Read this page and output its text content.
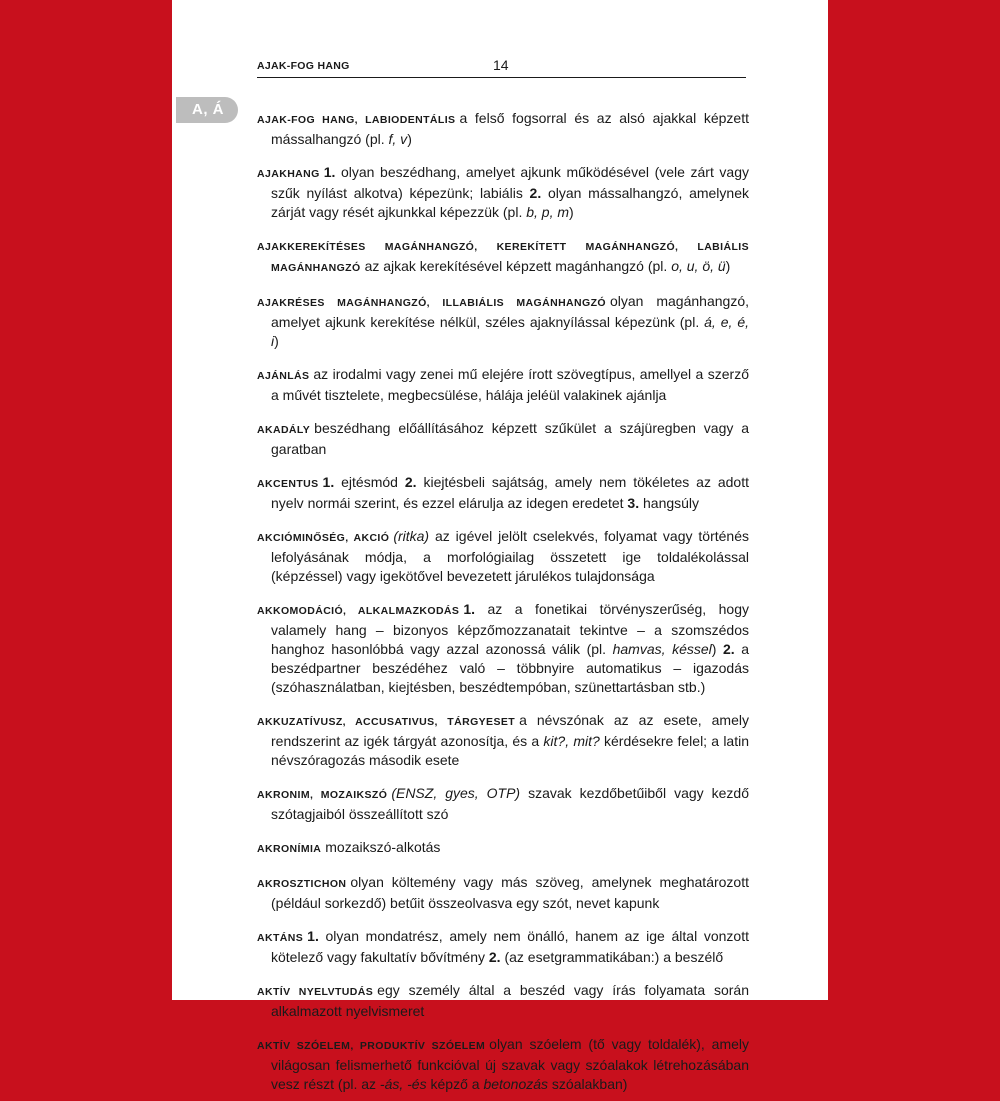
AJAK-FOG HANG	14

AJAK-FOG HANG, LABIODENTÁLIS a felső fogsorral és az alsó ajakkal képzett mássalhangzó (pl. f, v)

AJAKHANG 1. olyan beszédhang, amelyet ajkunk működésével (vele zárt vagy szűk nyílást alkotva) képezünk; labiális 2. olyan mássalhangzó, amelynek zárját vagy rését ajkunkkal képezzük (pl. b, p, m)

AJAKKEREKÍTÉSES MAGÁNHANGZÓ, KEREKÍTETT MAGÁNHANGZÓ, LABIÁLIS MAGÁNHANGZÓ az ajkak kerekítésével képzett magánhangzó (pl. o, u, ö, ü)

AJAKRÉSES MAGÁNHANGZÓ, ILLABIÁLIS MAGÁNHANGZÓ olyan magánhangzó, amelyet ajkunk kerekítése nélkül, széles ajaknyílással képezünk (pl. á, e, é, i)

AJÁNLÁS az irodalmi vagy zenei mű elejére írott szövegtípus, amellyel a szerző a művét tisztelete, megbecsülése, hálája jeléül valakinek ajánlja

AKADÁLY beszédhang előállításához képzett szűkület a szájüregben vagy a garatban

AKCENTUS 1. ejtésmód 2. kiejtésbeli sajátság, amely nem tökéletes az adott nyelv normái szerint, és ezzel elárulja az idegen eredetet 3. hangsúly

AKCIÓMINŐSÉG, AKCIÓ (ritka) az igével jelölt cselekvés, folyamat vagy történés lefolyásának módja, a morfológiailag összetett ige toldalékolással (képzéssel) vagy igekötővel bevezetett járulékos tulajdonsága

AKKOMODÁCIÓ, ALKALMAZKODÁS 1. az a fonetikai törvényszerűség, hogy valamely hang – bizonyos képzőmozzanatait tekintve – a szomszédos hanghoz hasonlóbbá vagy azzal azonossá válik (pl. hamvas, késsel) 2. a beszédpartner beszédéhez való – többnyire automatikus – igazodás (szóhasználatban, kiejtésben, beszédtempóban, szünettartásban stb.)

AKKUZATÍVUSZ, ACCUSATIVUS, TÁRGYESET a névszónak az az esete, amely rendszerint az igék tárgyát azonosítja, és a kit?, mit? kérdésekre felel; a latin névszóragozás második esete

AKRONIM, MOZAIKSZÓ (ENSZ, gyes, OTP) szavak kezdőbetűiből vagy kezdő szótagjaiból összeállított szó

AKRONÍMIA mozaikszó-alkotás

AKROSZTICHON olyan költemény vagy más szöveg, amelynek meghatározott (például sorkezdő) betűit összeolvasva egy szót, nevet kapunk

AKTÁNS 1. olyan mondatrész, amely nem önálló, hanem az ige által vonzott kötelező vagy fakultatív bővítmény 2. (az esetgrammatikában:) a beszélő

AKTÍV NYELVTUDÁS egy személy által a beszéd vagy írás folyamata során alkalmazott nyelvismeret

AKTÍV SZÓELEM, PRODUKTÍV SZÓELEM olyan szóelem (tő vagy toldalék), amely világosan felismerhető funkcióval új szavak vagy szóalakok létrehozásában vesz részt (pl. az -ás, -és képző a betonozás szóalakban)

A, Á
